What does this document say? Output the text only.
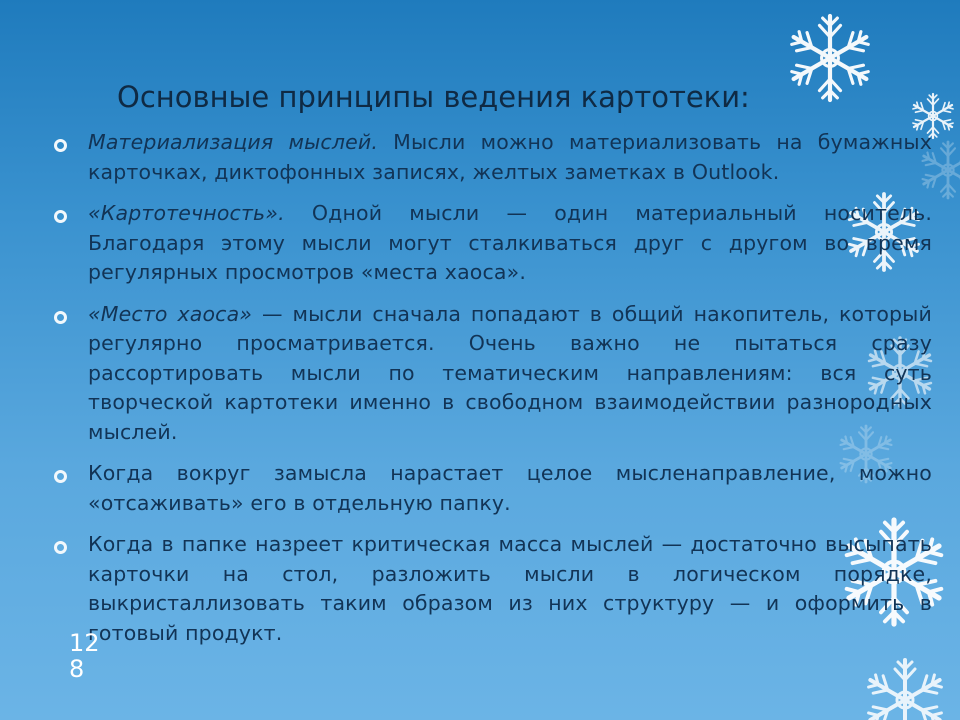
Основные принципы ведения картотеки:
Материализация мыслей. Мысли можно материализовать на бумажных карточках, диктофонных записях, желтых заметках в Outlook.
«Картотечность». Одной мысли — один материальный носитель. Благодаря этому мысли могут сталкиваться друг с другом во время регулярных просмотров «места хаоса».
«Место хаоса» — мысли сначала попадают в общий накопитель, который регулярно просматривается. Очень важно не пытаться сразу рассортировать мысли по тематическим направлениям: вся суть творческой картотеки именно в свободном взаимодействии разнородных мыслей.
Когда вокруг замысла нарастает целое мысленаправление, можно «отсаживать» его в отдельную папку.
Когда в папке назреет критическая масса мыслей — достаточно высыпать карточки на стол, разложить мысли в логическом порядке, выкристаллизовать таким образом из них структуру — и оформить в готовый продукт.
128
